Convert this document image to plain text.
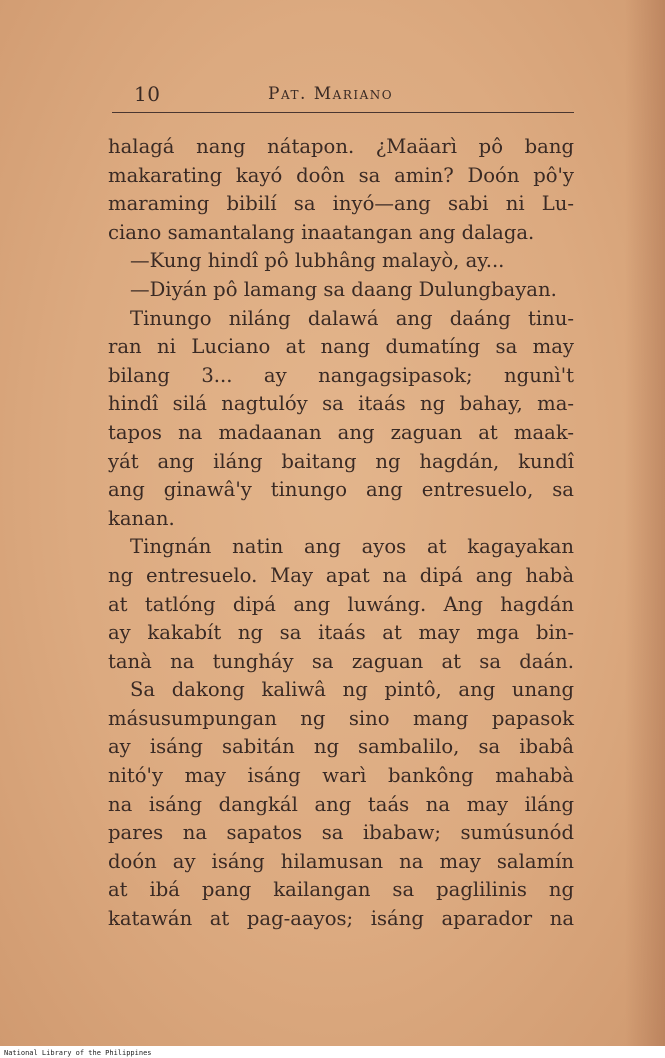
10	Pat. Mariano
halagá nang nátapon. ¿Maäarì pô bang
makarating kayó doôn sa amin? Doón pô'y
maraming bibilí sa inyó—ang sabi ni Lu-
ciano samantalang inaatangan ang dalaga.
—Kung hindî pô lubhâng malayò, ay...
—Diyán pô lamang sa daang Dulungbayan.
Tinungo niláng dalawá ang daáng tinu-
ran ni Luciano at nang dumatíng sa may
bilang 3... ay nangagsipasok; ngunì't
hindî silá nagtulóy sa itaás ng bahay, ma-
tapos na madaanan ang zaguan at maak-
yát ang iláng baitang ng hagdán, kundî
ang ginawâ'y tinungo ang entresuelo, sa
kanan.
Tingnán natin ang ayos at kagayakan
ng entresuelo. May apat na dipá ang habà
at tatlóng dipá ang luwáng. Ang hagdán
ay kakabít ng sa itaás at may mga bin-
tanà na tungháy sa zaguan at sa daán.
Sa dakong kaliwâ ng pintô, ang unang
másusumpungan ng sino mang papasok
ay isáng sabitán ng sambalilo, sa ibabâ
nitó'y may isáng warì bankông mahabà
na isáng dangkál ang taás na may iláng
pares na sapatos sa ibabaw; sumúsunód
doón ay isáng hilamusan na may salamín
at ibá pang kailangan sa paglilinis ng
katawán at pag-aayos; isáng aparador na
National Library of the Philippines
